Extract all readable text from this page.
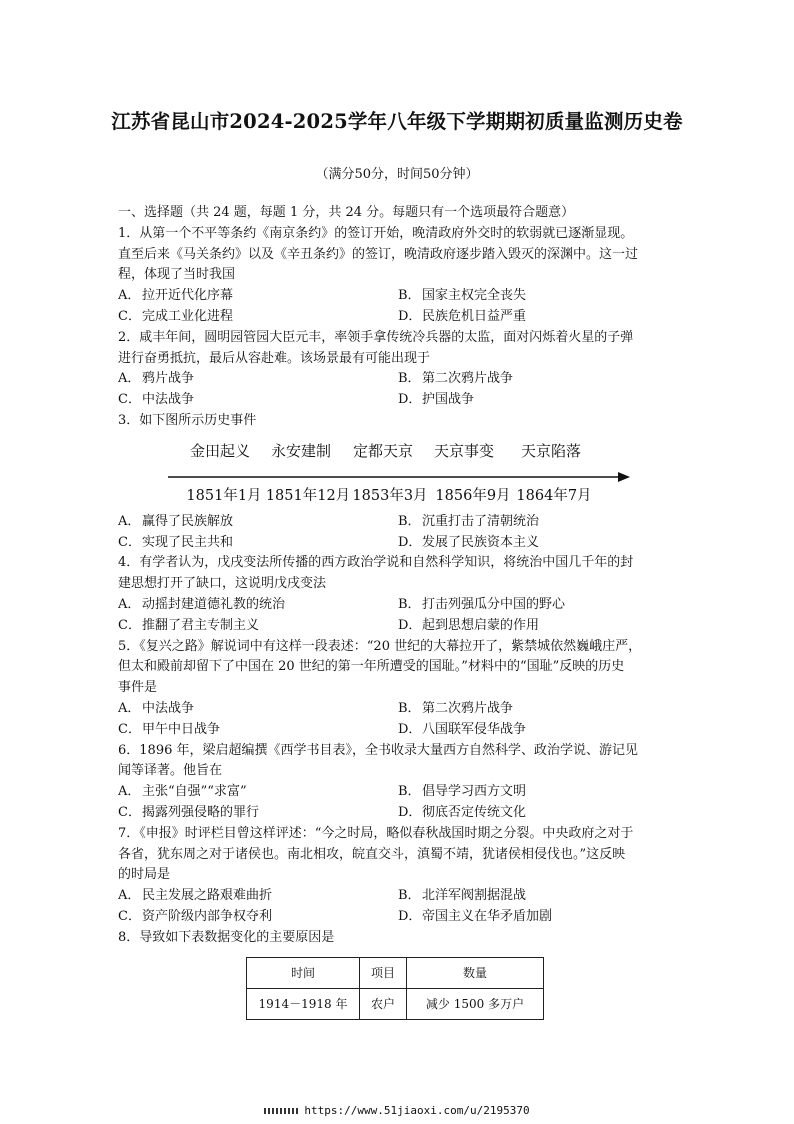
江苏省昆山市2024-2025学年八年级下学期期初质量监测历史卷
（满分50分，时间50分钟）
一、选择题（共 24 题，每题 1 分，共 24 分。每题只有一个选项最符合题意）
1．从第一个不平等条约《南京条约》的签订开始，晚清政府外交时的软弱就已逐渐显现。
直至后来《马关条约》以及《辛丑条约》的签订，晚清政府逐步踏入毁灭的深渊中。这一过
程，体现了当时我国
A． 拉开近代化序幕	B．国家主权完全丧失
C．完成工业化进程	D．民族危机日益严重
2．咸丰年间，圆明园管园大臣元丰，率领手拿传统冷兵器的太监，面对闪烁着火星的子弹
进行奋勇抵抗，最后从容赴难。该场景最有可能出现于
A． 鸦片战争	B．第二次鸦片战争
C．中法战争	D．护国战争
3．如下图所示历史事件
金田起义 永安建制 定都天京 天京事变 天京陷落
1851年1月 1851年12月 1853年3月 1856年9月 1864年7月
A． 赢得了民族解放	B．沉重打击了清朝统治
C．实现了民主共和	D．发展了民族资本主义
4．有学者认为，戊戌变法所传播的西方政治学说和自然科学知识，将统治中国几千年的封
建思想打开了缺口，这说明戊戌变法
A． 动摇封建道德礼教的统治	B．打击列强瓜分中国的野心
C．推翻了君主专制主义	D．起到思想启蒙的作用
5．《复兴之路》解说词中有这样一段表述：“20 世纪的大幕拉开了，紫禁城依然巍峨庄严，
但太和殿前却留下了中国在 20 世纪的第一年所遭受的国耻。”材料中的“国耻”反映的历史
事件是
A． 中法战争	B．第二次鸦片战争
C．甲午中日战争	D．八国联军侵华战争
6．1896 年，梁启超编撰《西学书目表》，全书收录大量西方自然科学、政治学说、游记见
闻等译著。他旨在
A． 主张“自强”“求富”	B．倡导学习西方文明
C．揭露列强侵略的罪行	D．彻底否定传统文化
7．《申报》时评栏目曾这样评述：“今之时局，略似春秋战国时期之分裂。中央政府之对于
各省，犹东周之对于诸侯也。南北相攻，皖直交斗，滇蜀不靖，犹诸侯相侵伐也。”这反映
的时局是
A． 民主发展之路艰难曲折	B．北洋军阀割据混战
C．资产阶级内部争权夺利	D．帝国主义在华矛盾加剧
8．导致如下表数据变化的主要原因是
时间	项目	数量
1914－1918 年	农户	减少 1500 多万户
https://www.51jiaoxi.com/u/2195370
